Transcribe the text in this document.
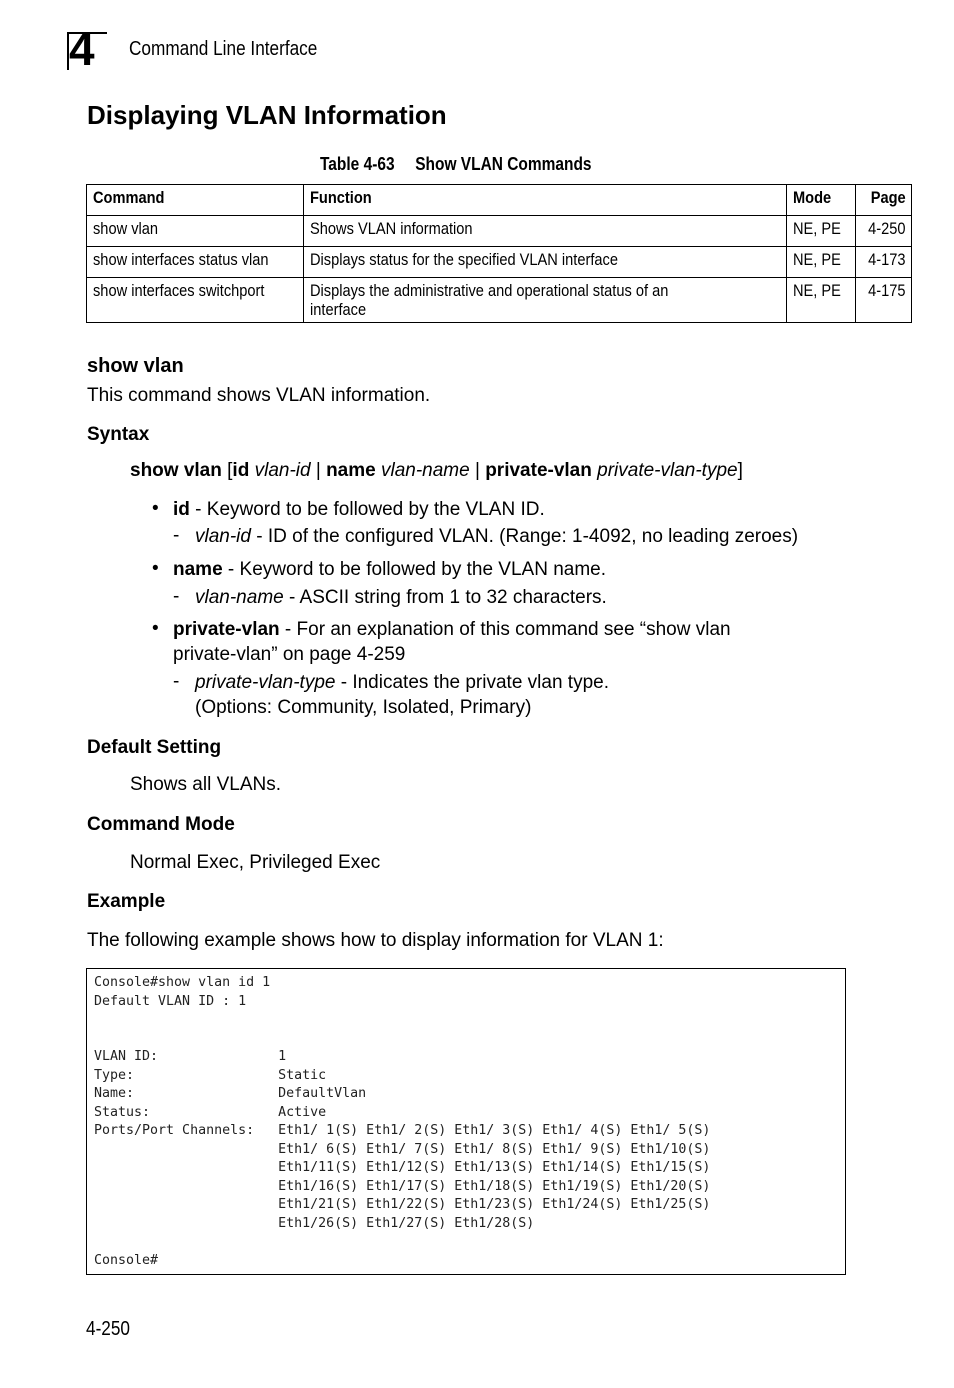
4 Command Line Interface
Displaying VLAN Information
Table 4-63 Show VLAN Commands
Command	Function	Mode	Page
show vlan	Shows VLAN information	NE, PE	4-250
show interfaces status vlan	Displays status for the specified VLAN interface	NE, PE	4-173
show interfaces switchport	Displays the administrative and operational status of an interface	NE, PE	4-175
show vlan
This command shows VLAN information.
Syntax
show vlan [id vlan-id | name vlan-name | private-vlan private-vlan-type]
• id - Keyword to be followed by the VLAN ID.
- vlan-id - ID of the configured VLAN. (Range: 1-4092, no leading zeroes)
• name - Keyword to be followed by the VLAN name.
- vlan-name - ASCII string from 1 to 32 characters.
• private-vlan - For an explanation of this command see “show vlan
private-vlan” on page 4-259
- private-vlan-type - Indicates the private vlan type.
(Options: Community, Isolated, Primary)
Default Setting
Shows all VLANs.
Command Mode
Normal Exec, Privileged Exec
Example
The following example shows how to display information for VLAN 1:
Console#show vlan id 1
Default VLAN ID : 1

VLAN ID:               1
Type:                  Static
Name:                  DefaultVlan
Status:                Active
Ports/Port Channels:   Eth1/ 1(S) Eth1/ 2(S) Eth1/ 3(S) Eth1/ 4(S) Eth1/ 5(S)
Eth1/ 6(S) Eth1/ 7(S) Eth1/ 8(S) Eth1/ 9(S) Eth1/10(S)
Eth1/11(S) Eth1/12(S) Eth1/13(S) Eth1/14(S) Eth1/15(S)
Eth1/16(S) Eth1/17(S) Eth1/18(S) Eth1/19(S) Eth1/20(S)
Eth1/21(S) Eth1/22(S) Eth1/23(S) Eth1/24(S) Eth1/25(S)
Eth1/26(S) Eth1/27(S) Eth1/28(S)

Console#
4-250
